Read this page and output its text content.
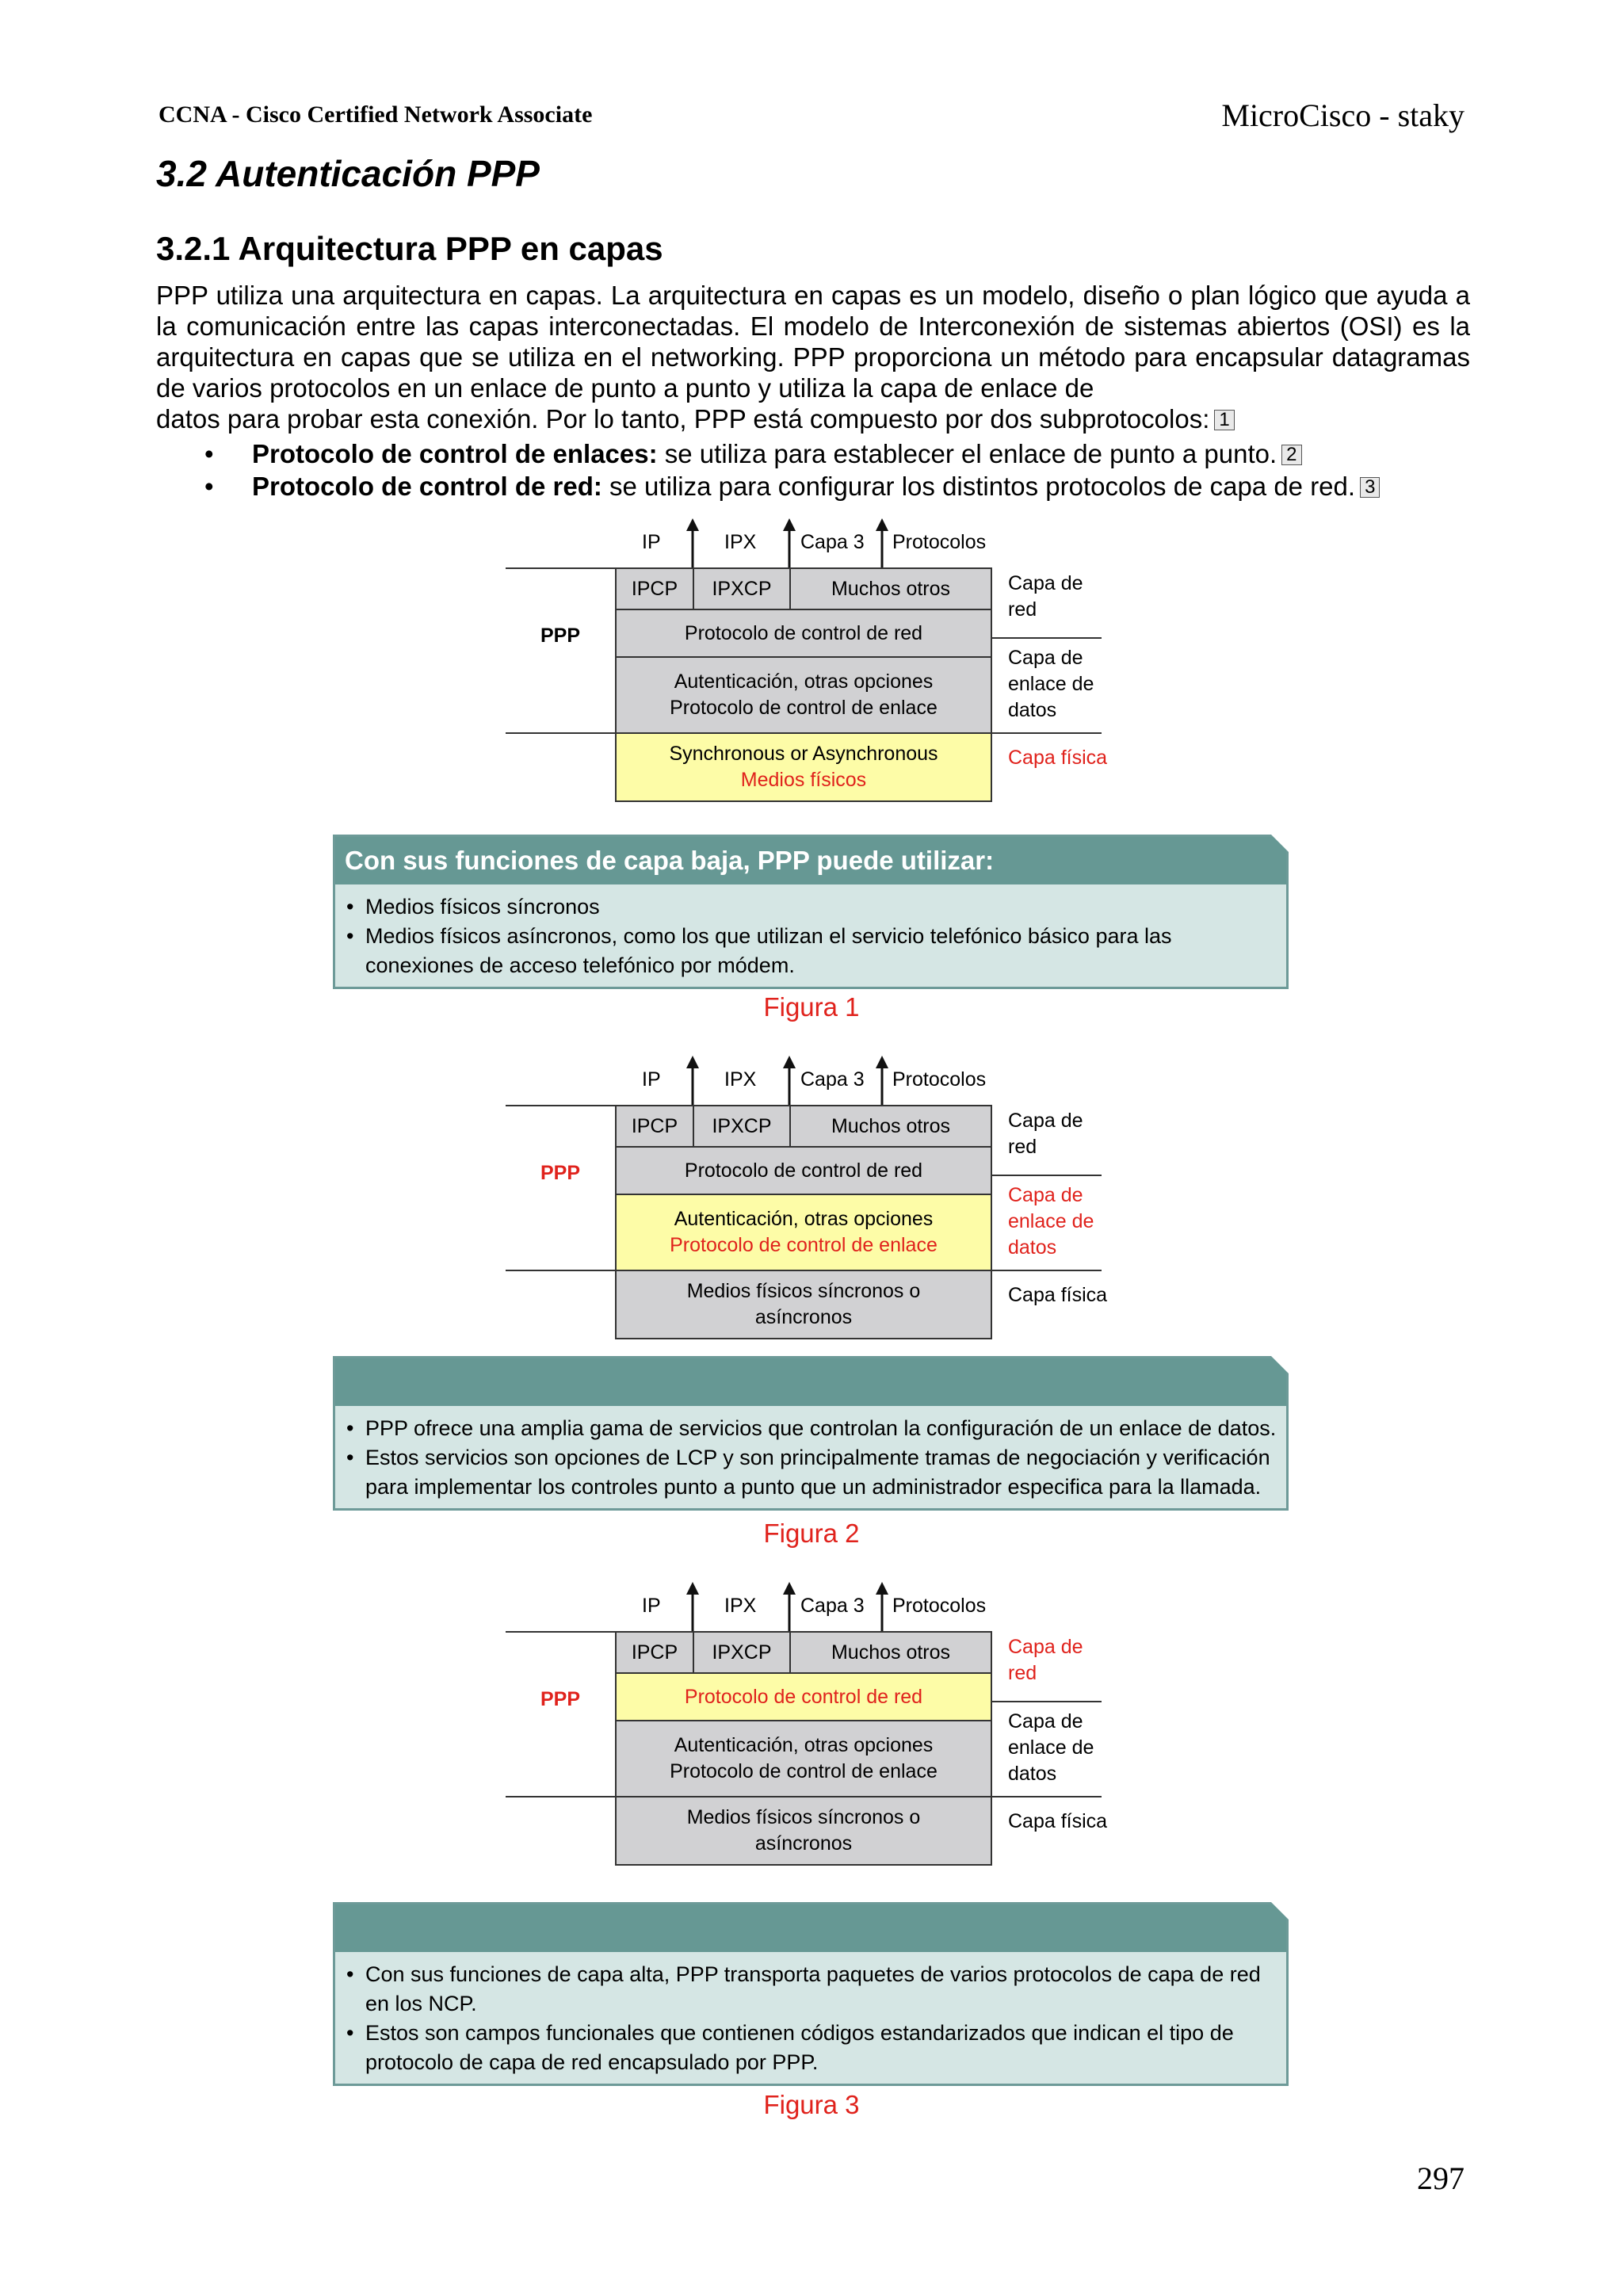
CCNA - Cisco Certified Network Associate	MicroCisco - staky
3.2 Autenticación PPP
3.2.1 Arquitectura PPP en capas
PPP utiliza una arquitectura en capas. La arquitectura en capas es un modelo, diseño o plan lógico que ayuda a la comunicación entre las capas interconectadas. El modelo de Interconexión de sistemas abiertos (OSI) es la arquitectura en capas que se utiliza en el networking. PPP proporciona un método para encapsular datagramas de varios protocolos en un enlace de punto a punto y utiliza la capa de enlace de
datos para probar esta conexión. Por lo tanto, PPP está compuesto por dos subprotocolos: 1
• Protocolo de control de enlaces: se utiliza para establecer el enlace de punto a punto. 2
• Protocolo de control de red: se utiliza para configurar los distintos protocolos de capa de red. 3
IP	IPX Capa 3 Protocolos
IPCP	IPXCP	Muchos otros
Protocolo de control de red
Autenticación, otras opciones
Protocolo de control de enlace
Synchronous or Asynchronous
Medios físicos
PPP
Capa de
red
Capa de
enlace de
datos
Capa física
Con sus funciones de capa baja, PPP puede utilizar:
• Medios físicos síncronos
• Medios físicos asíncronos, como los que utilizan el servicio telefónico básico para las conexiones de acceso telefónico por módem.
Figura 1
IP	IPX Capa 3 Protocolos
IPCP	IPXCP	Muchos otros
Protocolo de control de red
Autenticación, otras opciones
Protocolo de control de enlace
Medios físicos síncronos o
asíncronos
PPP
Capa de
red
Capa de
enlace de
datos
Capa física
• PPP ofrece una amplia gama de servicios que controlan la configuración de un enlace de datos.
• Estos servicios son opciones de LCP y son principalmente tramas de negociación y verificación para implementar los controles punto a punto que un administrador especifica para la llamada.
Figura 2
IP	IPX Capa 3 Protocolos
IPCP	IPXCP	Muchos otros
Protocolo de control de red
Autenticación, otras opciones
Protocolo de control de enlace
Medios físicos síncronos o
asíncronos
PPP
Capa de
red
Capa de
enlace de
datos
Capa física
• Con sus funciones de capa alta, PPP transporta paquetes de varios protocolos de capa de red en los NCP.
• Estos son campos funcionales que contienen códigos estandarizados que indican el tipo de protocolo de capa de red encapsulado por PPP.
Figura 3
297
